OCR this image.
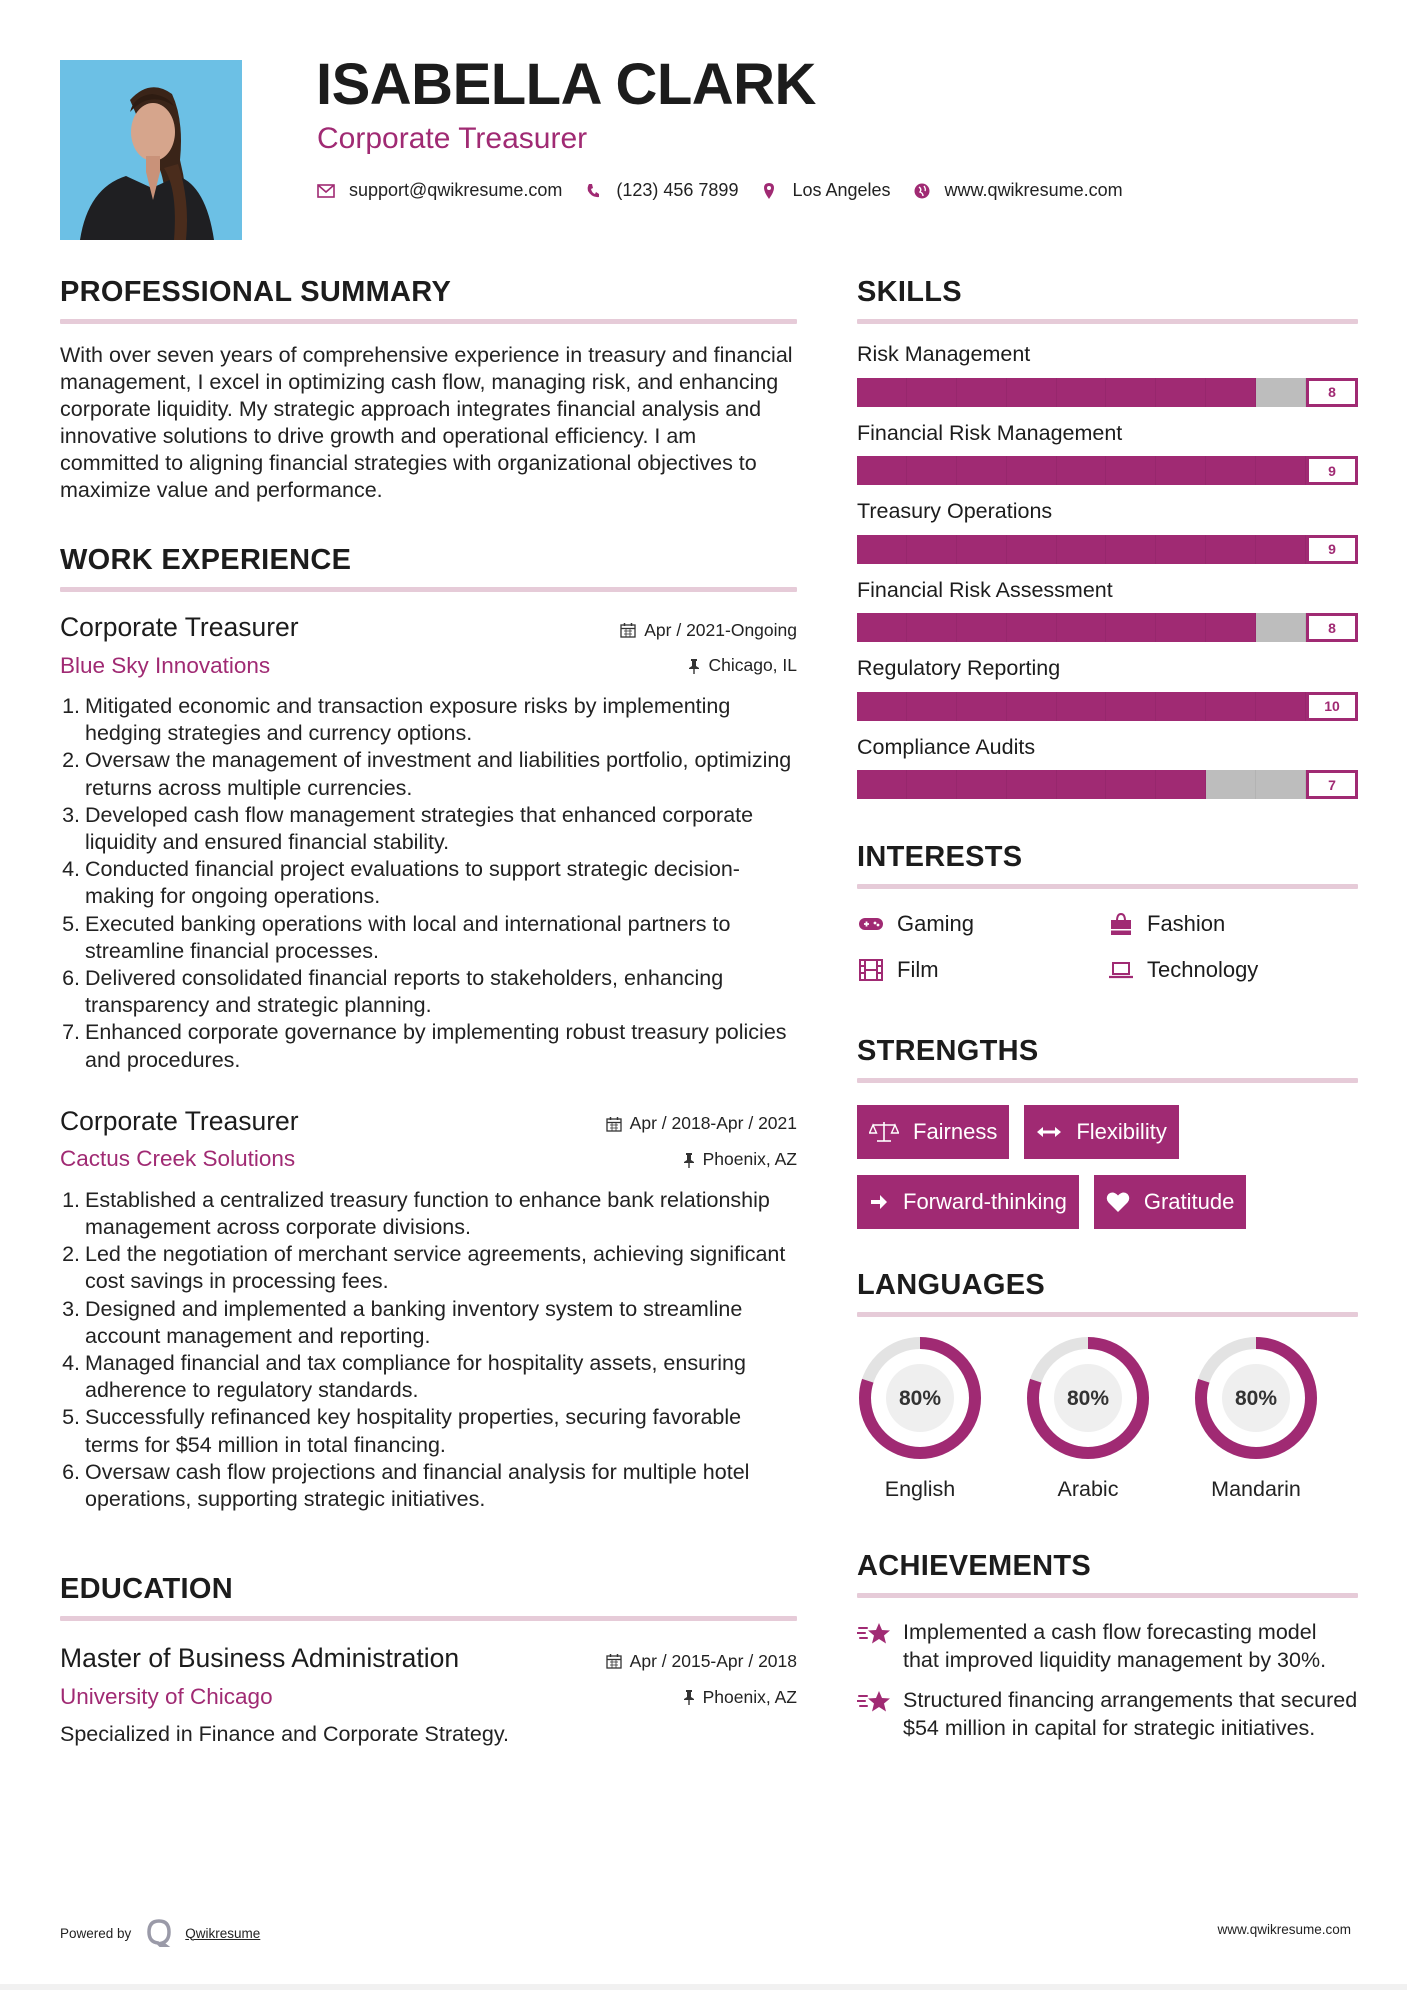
ISABELLA CLARK
Corporate Treasurer
support@qwikresume.com	(123) 456 7899	Los Angeles	www.qwikresume.com
PROFESSIONAL SUMMARY

With over seven years of comprehensive experience in treasury and financial management, I excel in optimizing cash flow, managing risk, and enhancing corporate liquidity. My strategic approach integrates financial analysis and innovative solutions to drive growth and operational efficiency. I am committed to aligning financial strategies with organizational objectives to maximize value and performance.

WORK EXPERIENCE
Corporate Treasurer	Apr / 2021-Ongoing
Blue Sky Innovations	Chicago, IL
1. Mitigated economic and transaction exposure risks by implementing hedging strategies and currency options.
2. Oversaw the management of investment and liabilities portfolio, optimizing returns across multiple currencies.
3. Developed cash flow management strategies that enhanced corporate liquidity and ensured financial stability.
4. Conducted financial project evaluations to support strategic decision-making for ongoing operations.
5. Executed banking operations with local and international partners to streamline financial processes.
6. Delivered consolidated financial reports to stakeholders, enhancing transparency and strategic planning.
7. Enhanced corporate governance by implementing robust treasury policies and procedures.
Corporate Treasurer	Apr / 2018-Apr / 2021
Cactus Creek Solutions	Phoenix, AZ
1. Established a centralized treasury function to enhance bank relationship management across corporate divisions.
2. Led the negotiation of merchant service agreements, achieving significant cost savings in processing fees.
3. Designed and implemented a banking inventory system to streamline account management and reporting.
4. Managed financial and tax compliance for hospitality assets, ensuring adherence to regulatory standards.
5. Successfully refinanced key hospitality properties, securing favorable terms for $54 million in total financing.
6. Oversaw cash flow projections and financial analysis for multiple hotel operations, supporting strategic initiatives.
EDUCATION
Master of Business Administration	Apr / 2015-Apr / 2018
University of Chicago	Phoenix, AZ

Specialized in Finance and Corporate Strategy.

SKILLS
Risk Management
8
Financial Risk Management
9
Treasury Operations
9
Financial Risk Assessment
8
Regulatory Reporting
10
Compliance Audits
7
INTERESTS
Gaming	Fashion
Film	Technology
STRENGTHS
Fairness	Flexibility
Forward-thinking	Gratitude
LANGUAGES
80%
English
80%
Arabic
80%
Mandarin
ACHIEVEMENTS
Implemented a cash flow forecasting model that improved liquidity management by 30%.
Structured financing arrangements that secured $54 million in capital for strategic initiatives.
Powered by	Qwikresume	www.qwikresume.com
